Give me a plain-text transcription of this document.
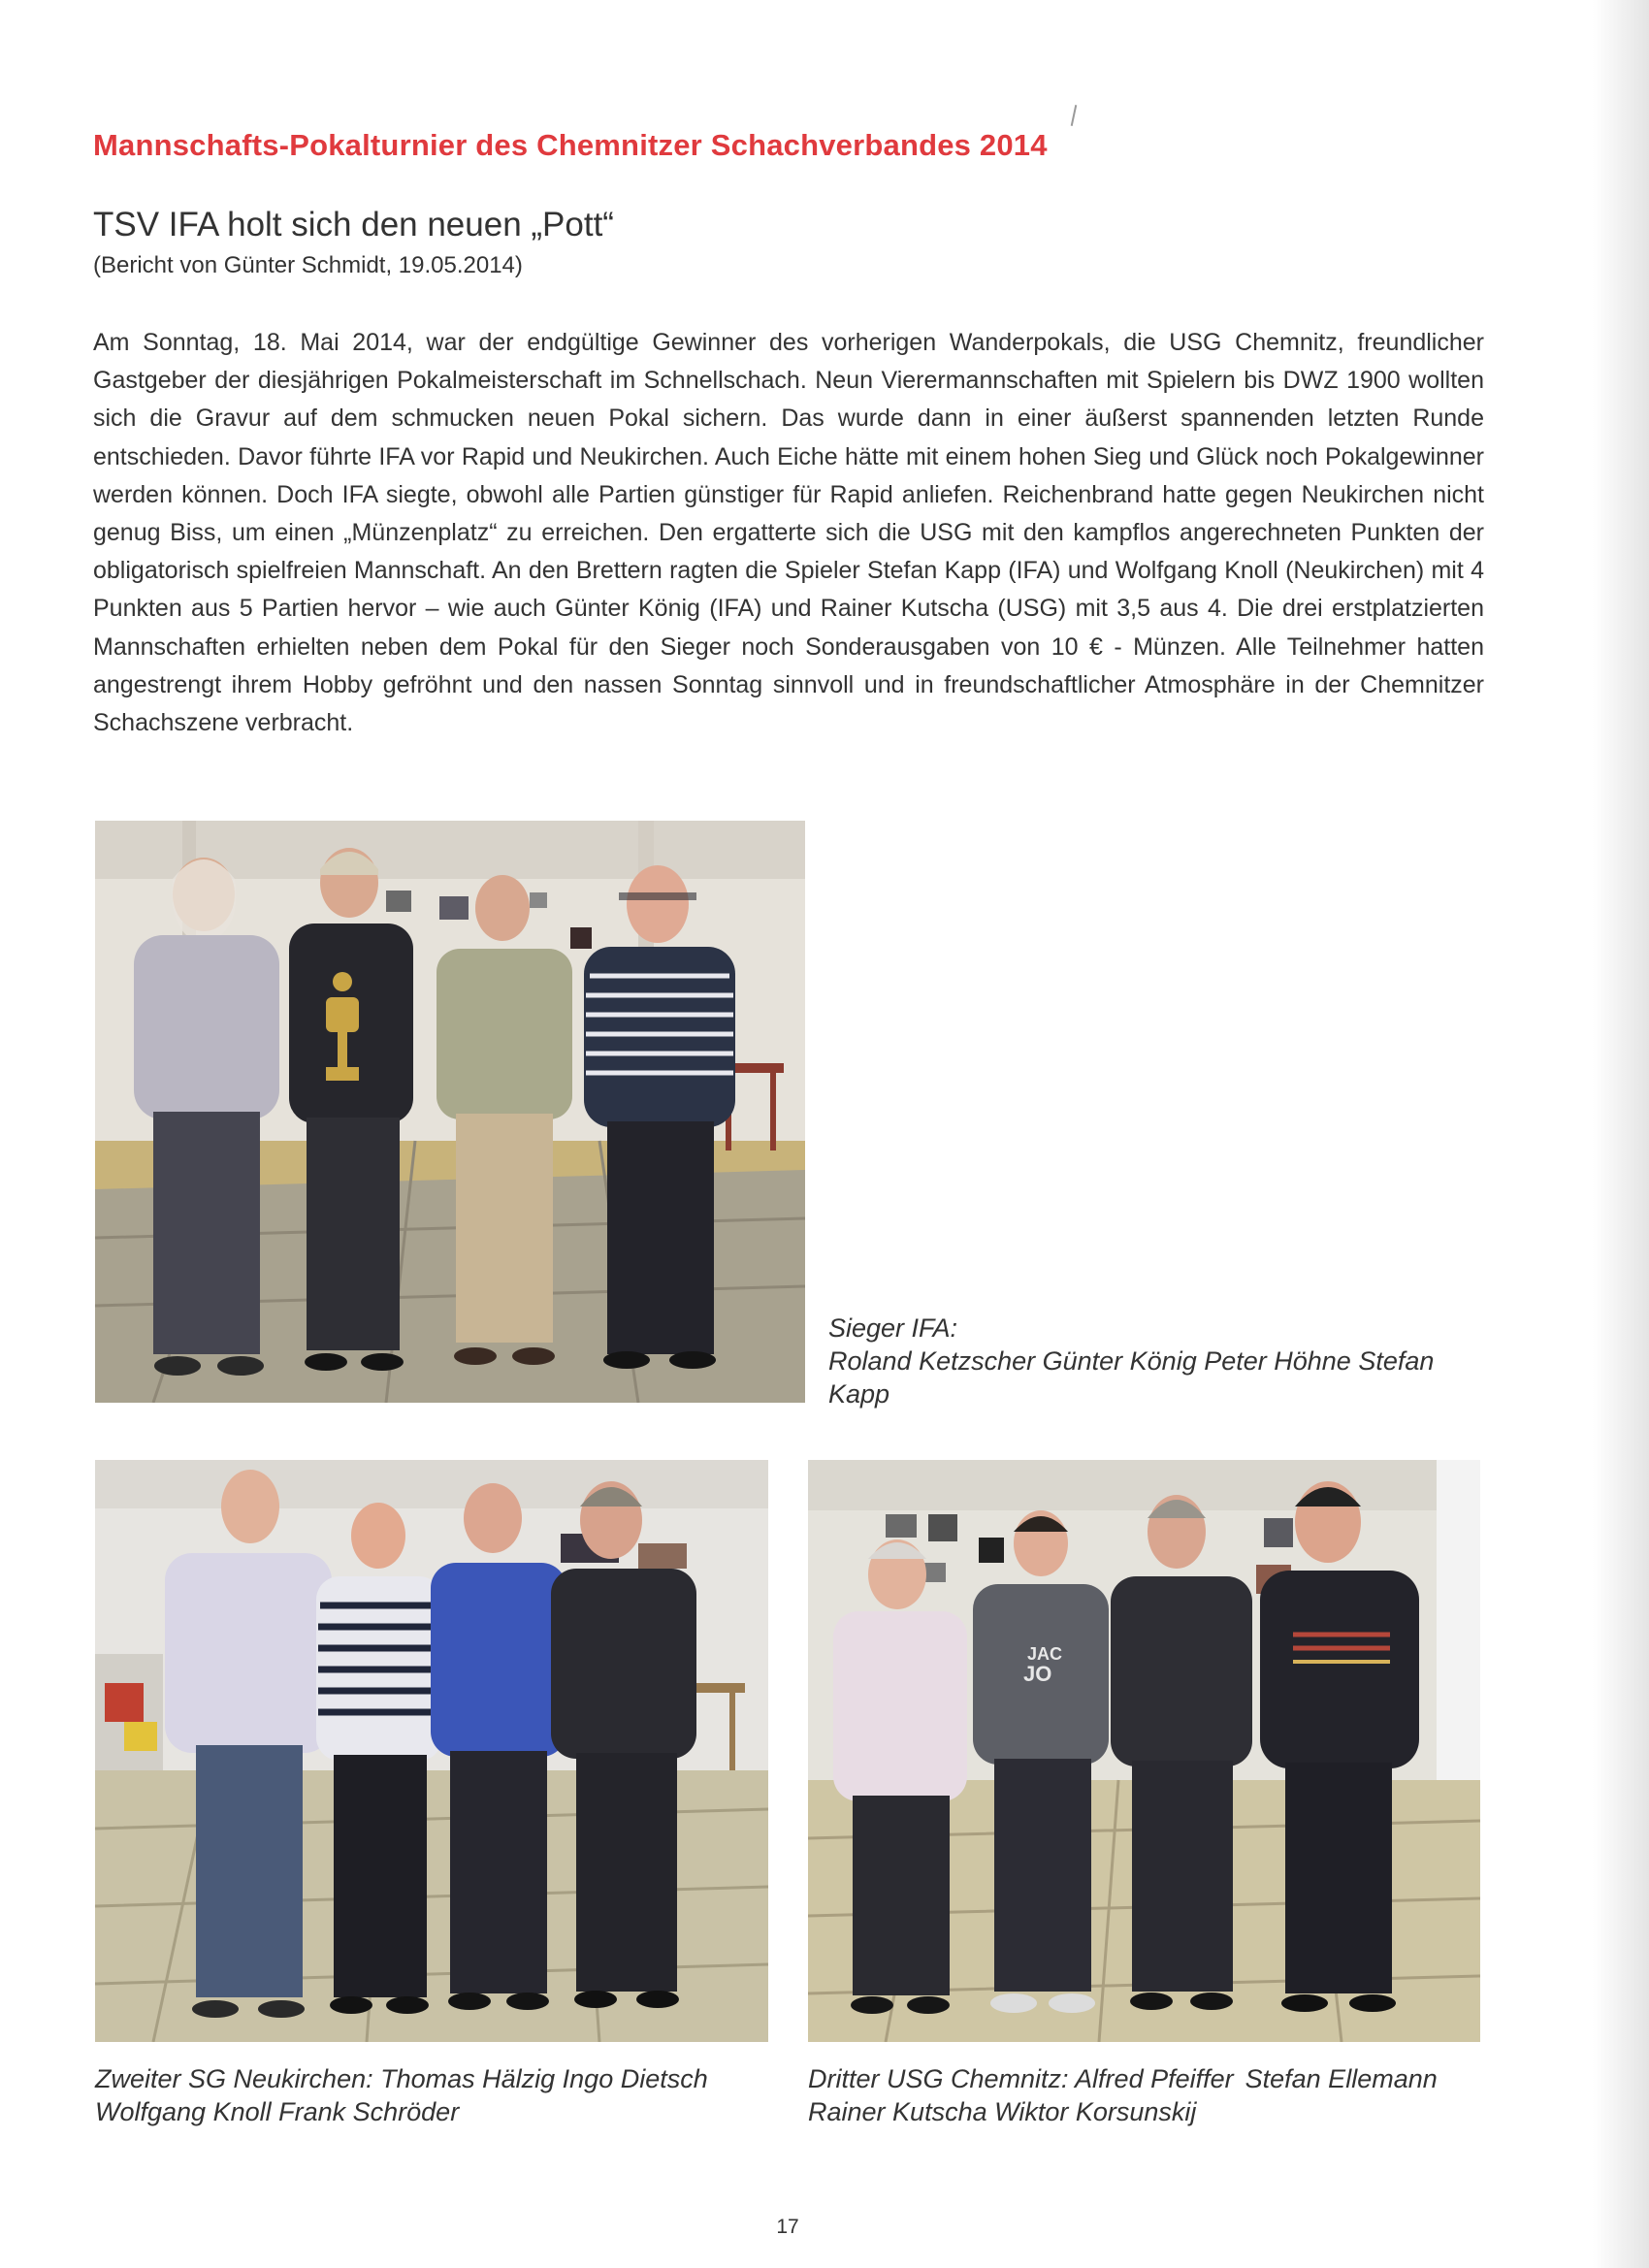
Mannschafts-Pokalturnier des Chemnitzer Schachverbandes 2014
TSV IFA holt sich den neuen „Pott“

(Bericht von Günter Schmidt, 19.05.2014)

Am Sonntag, 18. Mai 2014, war der endgültige Gewinner des vorherigen Wanderpokals, die USG Chemnitz, freundlicher Gastgeber der diesjährigen Pokalmeisterschaft im Schnellschach. Neun Vierermannschaften mit Spielern bis DWZ 1900 wollten sich die Gravur auf dem schmucken neuen Pokal sichern. Das wurde dann in einer äußerst spannenden letzten Runde entschieden. Davor führte IFA vor Rapid und Neukirchen. Auch Eiche hätte mit einem hohen Sieg und Glück noch Pokalgewinner werden können. Doch IFA siegte, obwohl alle Partien günstiger für Rapid anliefen. Reichenbrand hatte gegen Neukirchen nicht genug Biss, um einen „Münzenplatz“ zu erreichen. Den ergatterte sich die USG mit den kampflos angerechneten Punkten der obligatorisch spielfreien Mannschaft. An den Brettern ragten die Spieler Stefan Kapp (IFA) und Wolfgang Knoll (Neukirchen) mit 4 Punkten aus 5 Partien hervor – wie auch Günter König (IFA) und Rainer Kutscha (USG) mit 3,5 aus 4. Die drei erstplatzierten Mannschaften erhielten neben dem Pokal für den Sieger noch Sonderausgaben von 10 € - Münzen. Alle Teilnehmer hatten angestrengt ihrem Hobby gefröhnt und den nassen Sonntag sinnvoll und in freundschaftlicher Atmosphäre in der Chemnitzer Schachszene verbracht.

Sieger IFA:
Roland Ketzscher Günter König Peter Höhne Stefan Kapp

Zweiter SG Neukirchen: Thomas Hälzig Ingo Dietsch
Wolfgang Knoll Frank Schröder

JAC
JO

Dritter USG Chemnitz: Alfred Pfeiffer Stefan Ellemann
Rainer Kutscha Wiktor Korsunskij

17
